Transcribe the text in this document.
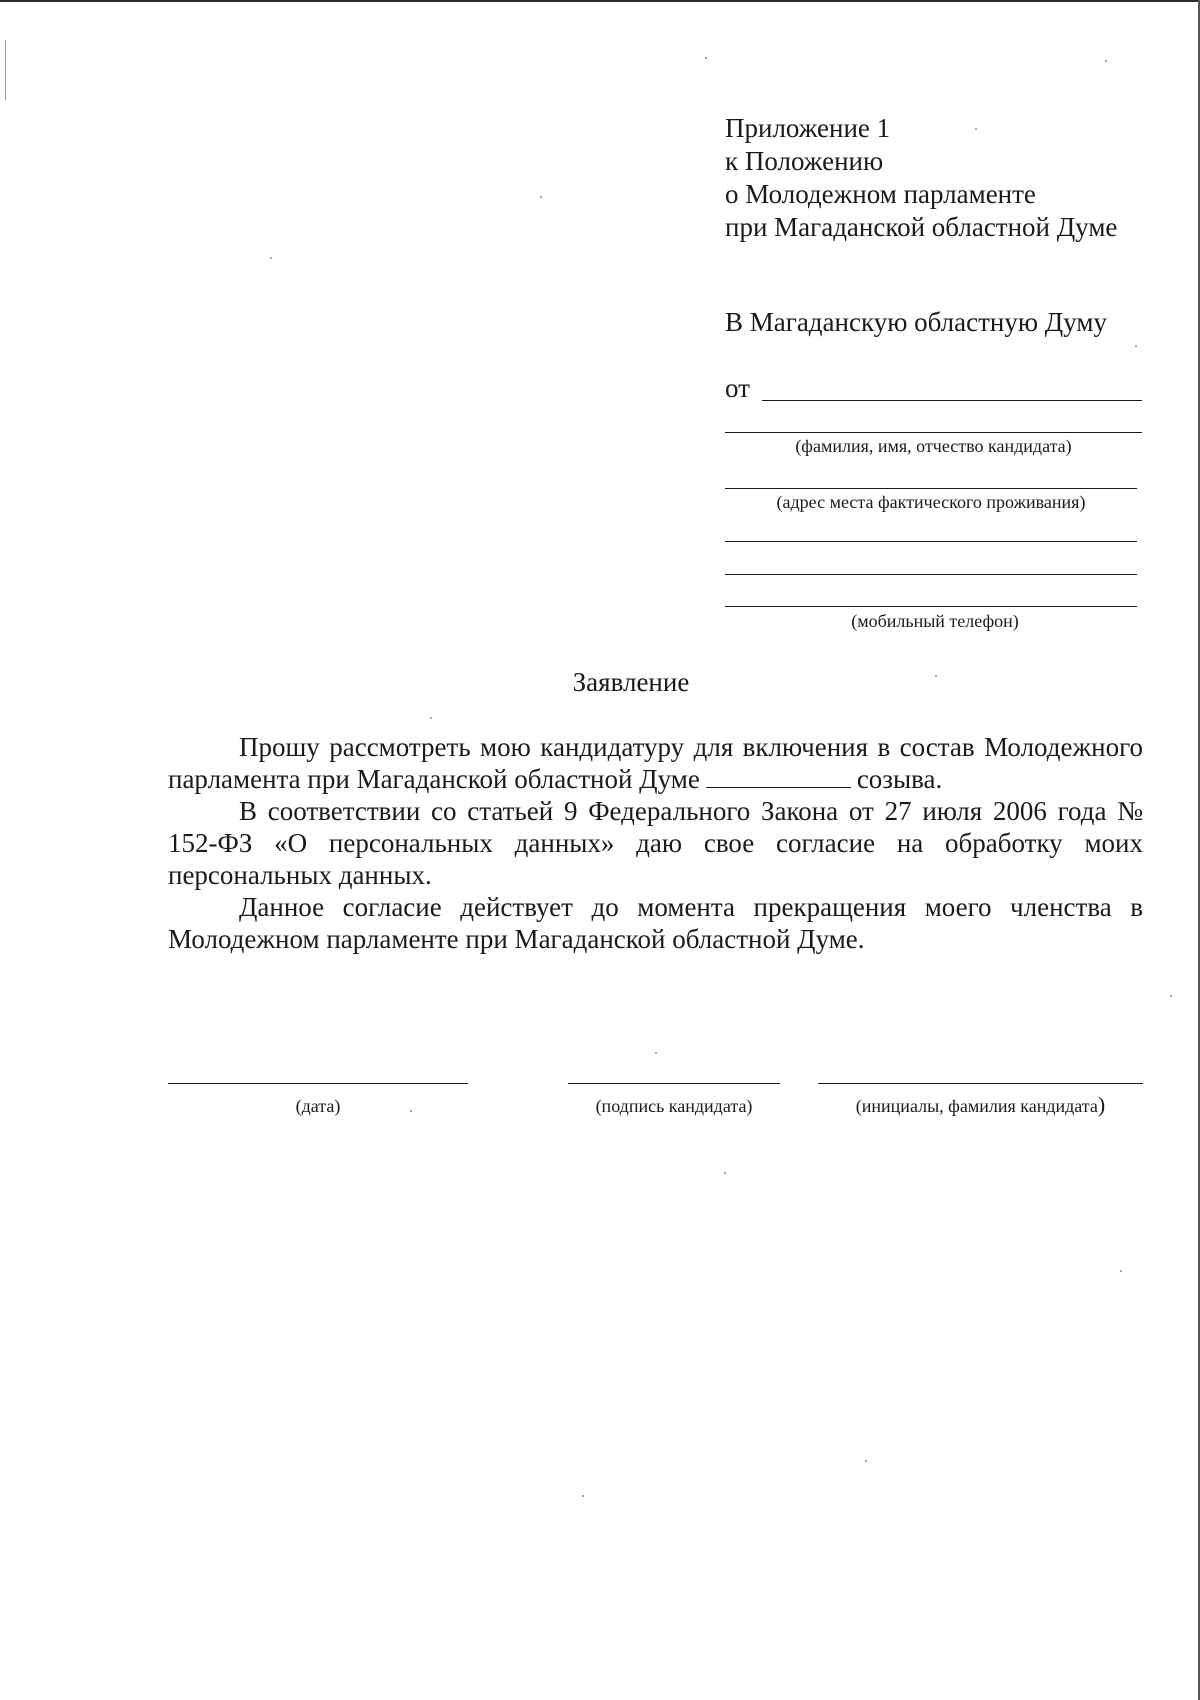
Приложение 1
к Положению
о Молодежном парламенте
при Магаданской областной Думе
В Магаданскую областную Думу
от
(фамилия, имя, отчество кандидата)
(адрес места фактического проживания)
(мобильный телефон)
Заявление

Прошу рассмотреть мою кандидатуру для включения в состав Молодежного парламента при Магаданской областной Думе	созыва.

В соответствии со статьей 9 Федерального Закона от 27 июля 2006 года № 152-ФЗ «О персональных данных» даю свое согласие на обработку моих персональных данных.

Данное согласие действует до момента прекращения моего членства в Молодежном парламенте при Магаданской областной Думе.

(дата)	(подпись кандидата)	(инициалы, фамилия кандидата)
